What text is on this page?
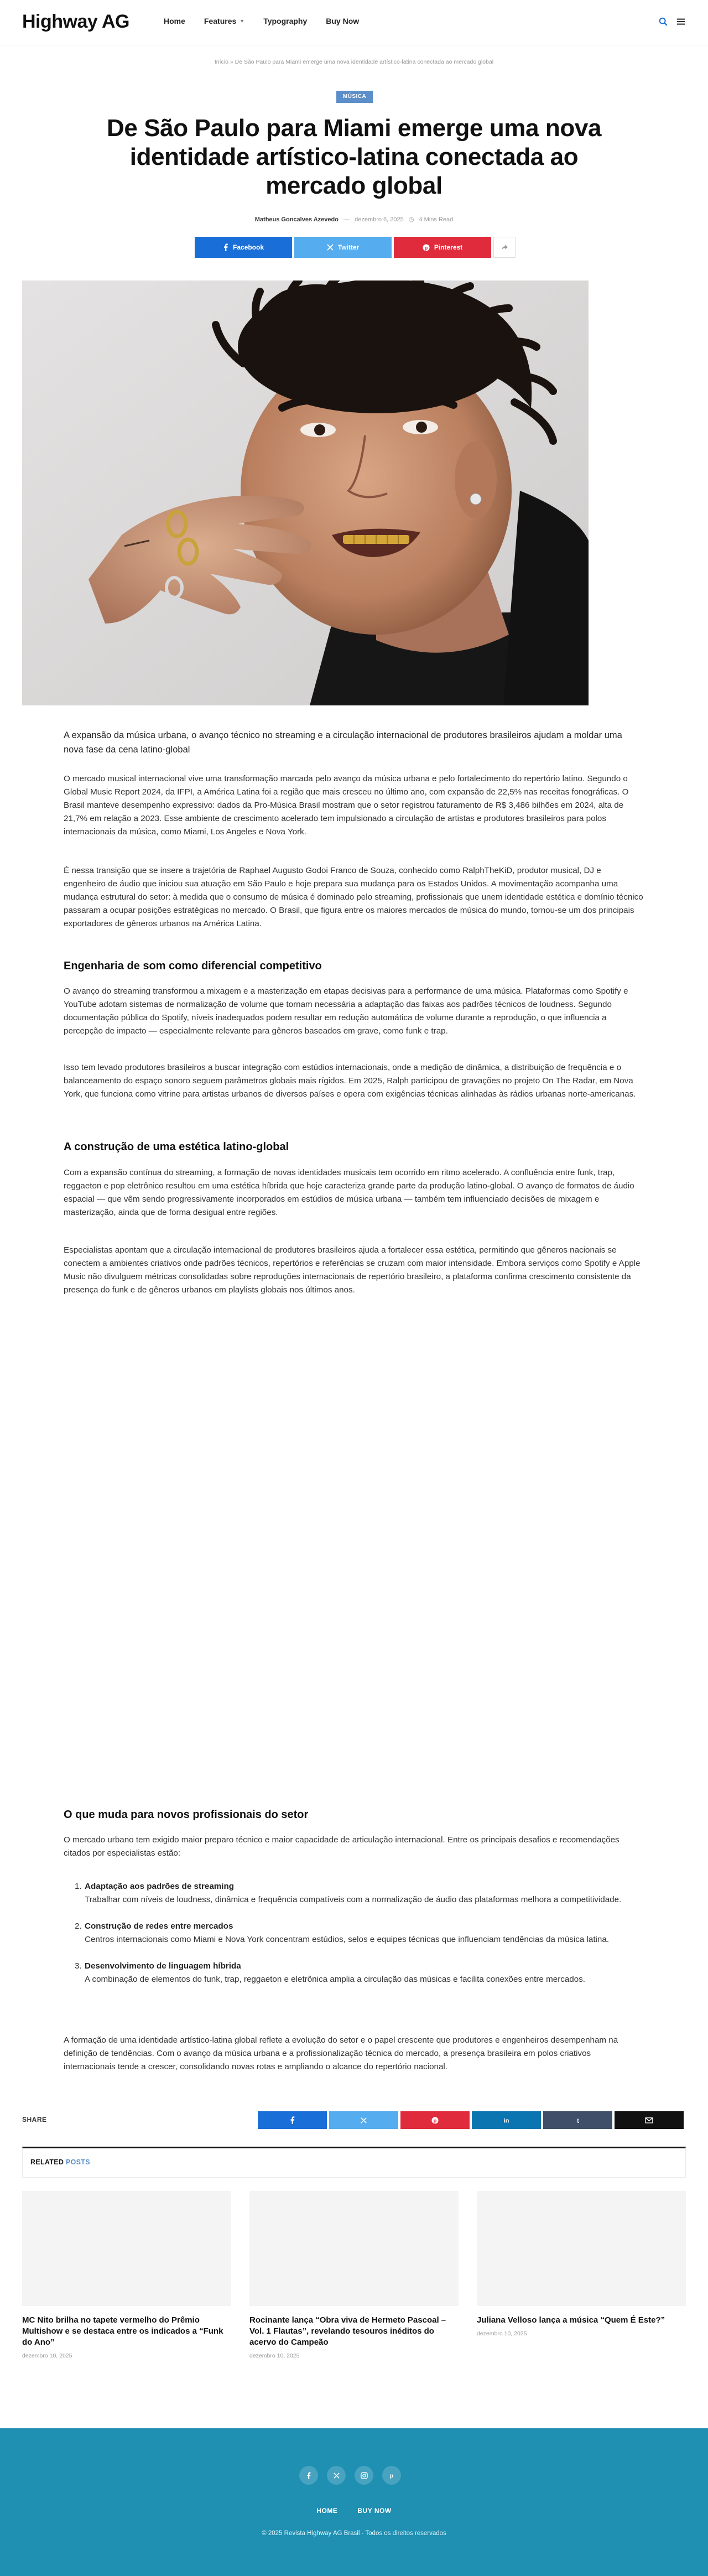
Highway AG	Home Features ▼ Typography Buy Now
Início » De São Paulo para Miami emerge uma nova identidade artístico-latina conectada ao mercado global
MÚSICA
De São Paulo para Miami emerge uma nova identidade artístico-latina conectada ao mercado global
Matheus Goncalves Azevedo — dezembro 6, 2025 ◷ 4 Mins Read
Facebook	Twitter	p Pinterest

A expansão da música urbana, o avanço técnico no streaming e a circulação internacional de produtores brasileiros ajudam a moldar uma nova fase da cena latino-global

O mercado musical internacional vive uma transformação marcada pelo avanço da música urbana e pelo fortalecimento do repertório latino. Segundo o Global Music Report 2024, da IFPI, a América Latina foi a região que mais cresceu no último ano, com expansão de 22,5% nas receitas fonográficas. O Brasil manteve desempenho expressivo: dados da Pro-Música Brasil mostram que o setor registrou faturamento de R$ 3,486 bilhões em 2024, alta de 21,7% em relação a 2023. Esse ambiente de crescimento acelerado tem impulsionado a circulação de artistas e produtores brasileiros para polos internacionais da música, como Miami, Los Angeles e Nova York.

É nessa transição que se insere a trajetória de Raphael Augusto Godoi Franco de Souza, conhecido como RalphTheKiD, produtor musical, DJ e engenheiro de áudio que iniciou sua atuação em São Paulo e hoje prepara sua mudança para os Estados Unidos. A movimentação acompanha uma mudança estrutural do setor: à medida que o consumo de música é dominado pelo streaming, profissionais que unem identidade estética e domínio técnico passaram a ocupar posições estratégicas no mercado. O Brasil, que figura entre os maiores mercados de música do mundo, tornou-se um dos principais exportadores de gêneros urbanos na América Latina.

Engenharia de som como diferencial competitivo

O avanço do streaming transformou a mixagem e a masterização em etapas decisivas para a performance de uma música. Plataformas como Spotify e YouTube adotam sistemas de normalização de volume que tornam necessária a adaptação das faixas aos padrões técnicos de loudness. Segundo documentação pública do Spotify, níveis inadequados podem resultar em redução automática de volume durante a reprodução, o que influencia a percepção de impacto — especialmente relevante para gêneros baseados em grave, como funk e trap.

Isso tem levado produtores brasileiros a buscar integração com estúdios internacionais, onde a medição de dinâmica, a distribuição de frequência e o balanceamento do espaço sonoro seguem parâmetros globais mais rígidos. Em 2025, Ralph participou de gravações no projeto On The Radar, em Nova York, que funciona como vitrine para artistas urbanos de diversos países e opera com exigências técnicas alinhadas às rádios urbanas norte-americanas.

A construção de uma estética latino-global

Com a expansão contínua do streaming, a formação de novas identidades musicais tem ocorrido em ritmo acelerado. A confluência entre funk, trap, reggaeton e pop eletrônico resultou em uma estética híbrida que hoje caracteriza grande parte da produção latino-global. O avanço de formatos de áudio espacial — que vêm sendo progressivamente incorporados em estúdios de música urbana — também tem influenciado decisões de mixagem e masterização, ainda que de forma desigual entre regiões.

Especialistas apontam que a circulação internacional de produtores brasileiros ajuda a fortalecer essa estética, permitindo que gêneros nacionais se conectem a ambientes criativos onde padrões técnicos, repertórios e referências se cruzam com maior intensidade. Embora serviços como Spotify e Apple Music não divulguem métricas consolidadas sobre reproduções internacionais de repertório brasileiro, a plataforma confirma crescimento consistente da presença do funk e de gêneros urbanos em playlists globais nos últimos anos.

O que muda para novos profissionais do setor

O mercado urbano tem exigido maior preparo técnico e maior capacidade de articulação internacional. Entre os principais desafios e recomendações citados por especialistas estão:

1. Adaptação aos padrões de streaming
Trabalhar com níveis de loudness, dinâmica e frequência compatíveis com a normalização de áudio das plataformas melhora a competitividade.
2. Construção de redes entre mercados
Centros internacionais como Miami e Nova York concentram estúdios, selos e equipes técnicas que influenciam tendências da música latina.
3. Desenvolvimento de linguagem híbrida
A combinação de elementos do funk, trap, reggaeton e eletrônica amplia a circulação das músicas e facilita conexões entre mercados.

A formação de uma identidade artístico-latina global reflete a evolução do setor e o papel crescente que produtores e engenheiros desempenham na definição de tendências. Com o avanço da música urbana e a profissionalização técnica do mercado, a presença brasileira em polos criativos internacionais tende a crescer, consolidando novas rotas e ampliando o alcance do repertório nacional.

SHARE	p	in	t
RELATED POSTS
MC Nito brilha no tapete vermelho do Prêmio Multishow e se destaca entre os indicados a “Funk do Ano”
dezembro 10, 2025
Rocinante lança “Obra viva de Hermeto Pascoal – Vol. 1 Flautas”, revelando tesouros inéditos do acervo do Campeão
dezembro 10, 2025
Juliana Velloso lança a música “Quem É Este?”
dezembro 10, 2025
p
HOME	BUY NOW
© 2025 Revista Highway AG Brasil - Todos os direitos reservados
